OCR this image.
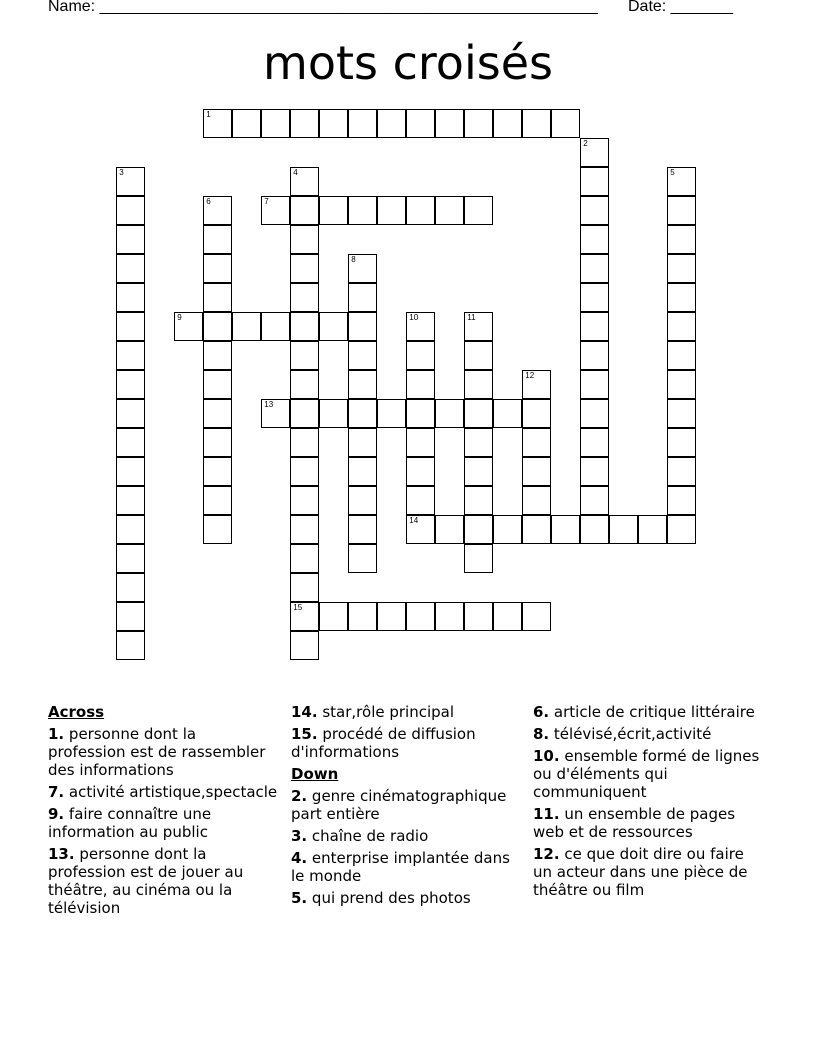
Name: ________________________________________________________ Date: _______
mots croisés
1
2
3	4
15
5
6	7
8
9	10
14
11
12
13
Across
1. personne dont la profession est de rassembler des informations
7. activité artistique,spectacle
9. faire connaître une information au public
13. personne dont la profession est de jouer au théâtre, au cinéma ou la télévision
14. star,rôle principal
15. procédé de diffusion d'informations
Down
2. genre cinématographique part entière
3. chaîne de radio
4. enterprise implantée dans le monde
5. qui prend des photos
6. article de critique littéraire
8. télévisé,écrit,activité
10. ensemble formé de lignes ou d'éléments qui communiquent
11. un ensemble de pages web et de ressources
12. ce que doit dire ou faire un acteur dans une pièce de théâtre ou film
